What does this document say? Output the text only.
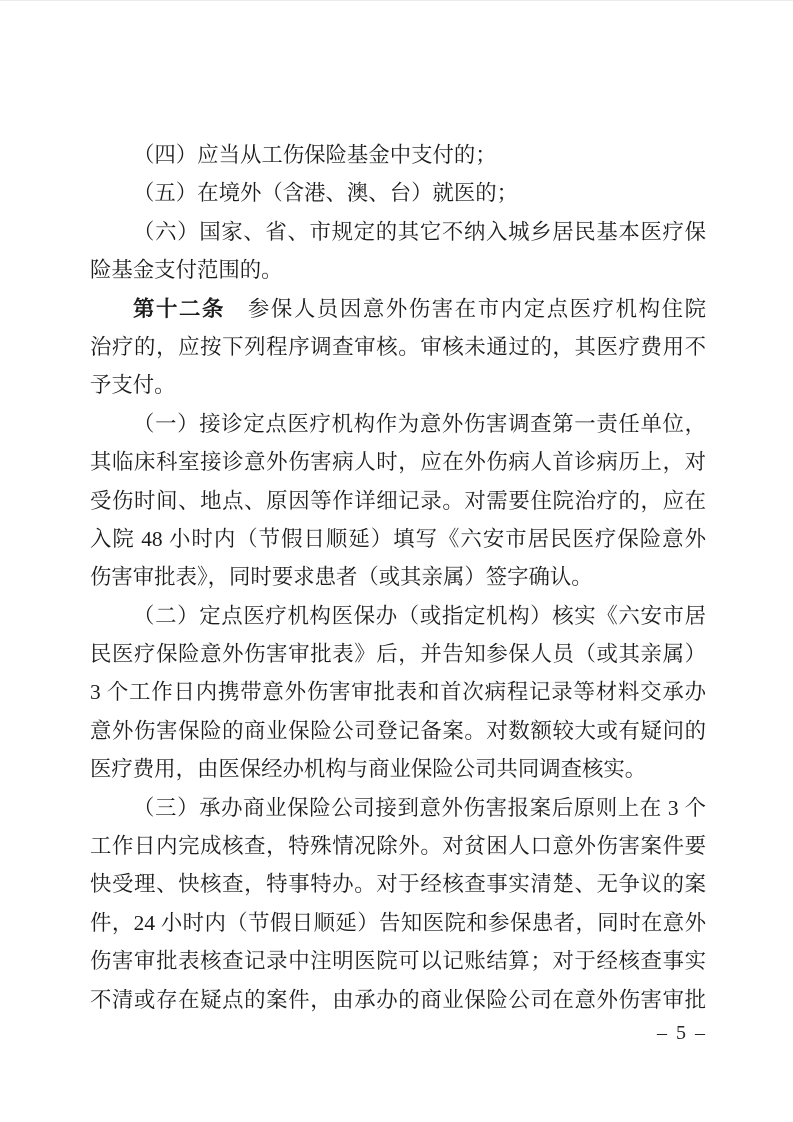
（四）应当从工伤保险基金中支付的；
（五）在境外（含港、澳、台）就医的；
（六）国家、省、市规定的其它不纳入城乡居民基本医疗保
险基金支付范围的。
第十二条　参保人员因意外伤害在市内定点医疗机构住院
治疗的，应按下列程序调查审核。审核未通过的，其医疗费用不
予支付。
（一）接诊定点医疗机构作为意外伤害调查第一责任单位，
其临床科室接诊意外伤害病人时，应在外伤病人首诊病历上，对
受伤时间、地点、原因等作详细记录。对需要住院治疗的，应在
入院 48 小时内（节假日顺延）填写《六安市居民医疗保险意外
伤害审批表》，同时要求患者（或其亲属）签字确认。
（二）定点医疗机构医保办（或指定机构）核实《六安市居
民医疗保险意外伤害审批表》后，并告知参保人员（或其亲属）
3 个工作日内携带意外伤害审批表和首次病程记录等材料交承办
意外伤害保险的商业保险公司登记备案。对数额较大或有疑问的
医疗费用，由医保经办机构与商业保险公司共同调查核实。
（三）承办商业保险公司接到意外伤害报案后原则上在 3 个
工作日内完成核查，特殊情况除外。对贫困人口意外伤害案件要
快受理、快核查，特事特办。对于经核查事实清楚、无争议的案
件，24 小时内（节假日顺延）告知医院和参保患者，同时在意外
伤害审批表核查记录中注明医院可以记账结算；对于经核查事实
不清或存在疑点的案件，由承办的商业保险公司在意外伤害审批
– 5 –
